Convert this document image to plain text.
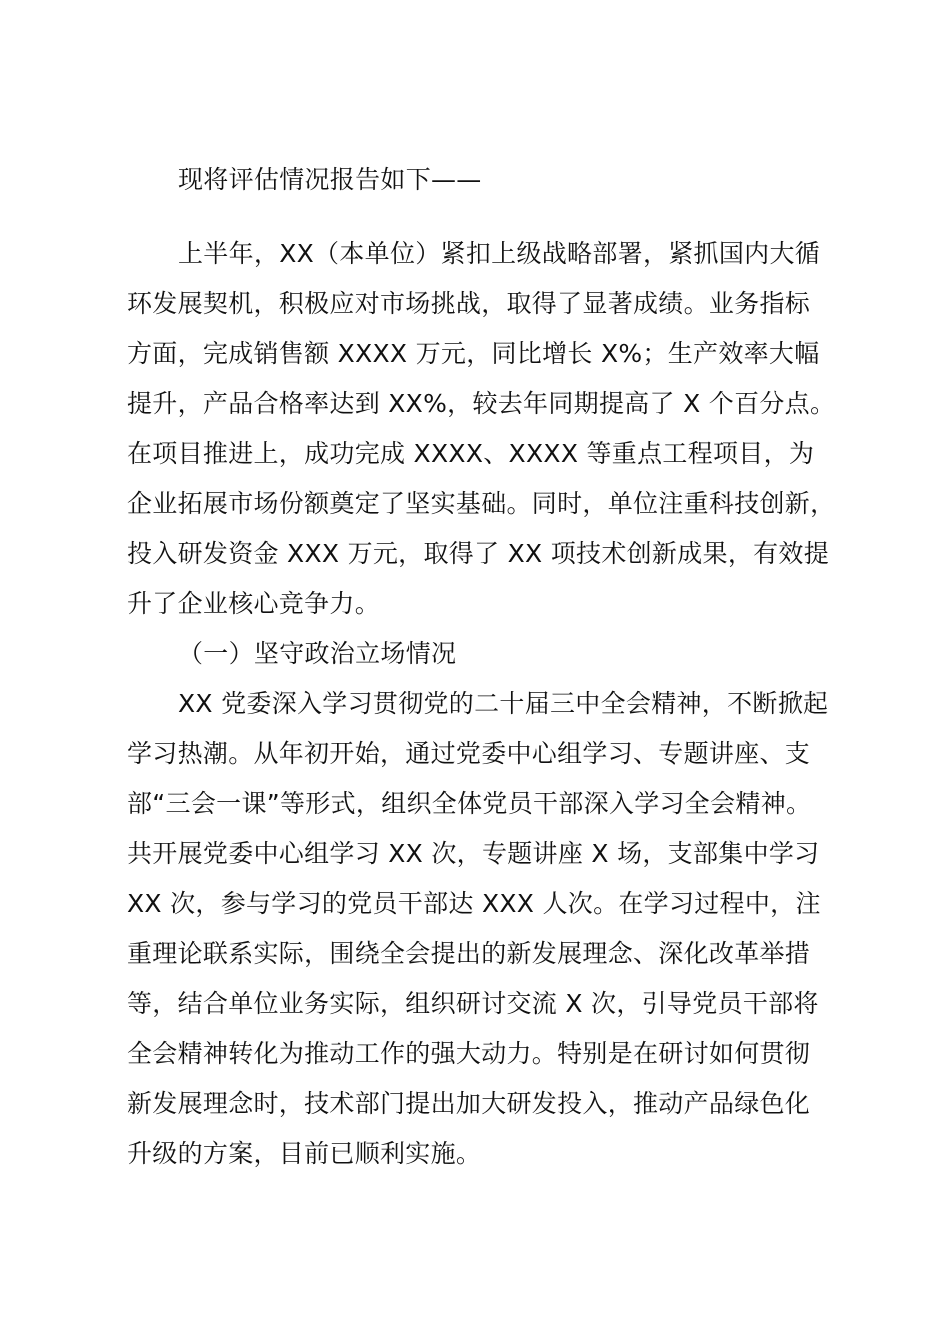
现将评估情况报告如下——
上半年，XX（本单位）紧扣上级战略部署，紧抓国内大循
环发展契机，积极应对市场挑战，取得了显著成绩。业务指标
方面，完成销售额 XXXX 万元，同比增长 X%；生产效率大幅
提升，产品合格率达到 XX%，较去年同期提高了 X 个百分点。
在项目推进上，成功完成 XXXX、XXXX 等重点工程项目，为
企业拓展市场份额奠定了坚实基础。同时，单位注重科技创新，
投入研发资金 XXX 万元，取得了 XX 项技术创新成果，有效提
升了企业核心竞争力。
（一）坚守政治立场情况
XX 党委深入学习贯彻党的二十届三中全会精神，不断掀起
学习热潮。从年初开始，通过党委中心组学习、专题讲座、支
部“三会一课”等形式，组织全体党员干部深入学习全会精神。
共开展党委中心组学习 XX 次，专题讲座 X 场，支部集中学习
XX 次，参与学习的党员干部达 XXX 人次。在学习过程中，注
重理论联系实际，围绕全会提出的新发展理念、深化改革举措
等，结合单位业务实际，组织研讨交流 X 次，引导党员干部将
全会精神转化为推动工作的强大动力。特别是在研讨如何贯彻
新发展理念时，技术部门提出加大研发投入，推动产品绿色化
升级的方案，目前已顺利实施。
